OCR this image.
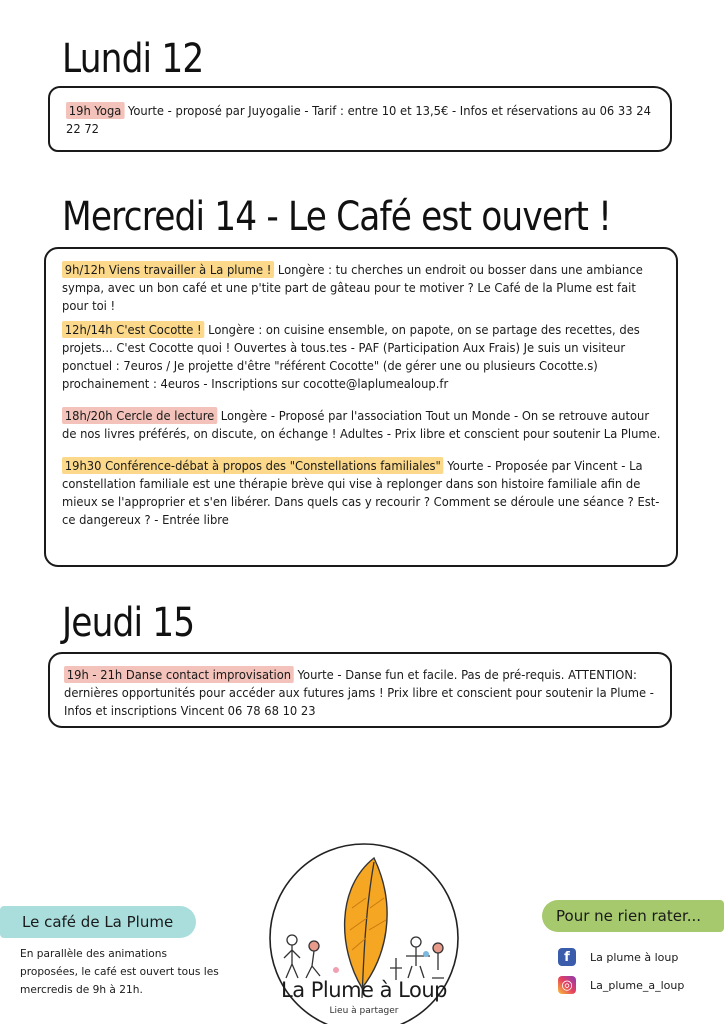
Lundi 12

19h Yoga Yourte - proposé par Juyogalie - Tarif : entre 10 et 13,5€ - Infos et réservations au 06 33 24 22 72

Mercredi 14 - Le Café est ouvert !

9h/12h Viens travailler à La plume ! Longère : tu cherches un endroit ou bosser dans une ambiance sympa, avec un bon café et une p'tite part de gâteau pour te motiver ? Le Café de la Plume est fait pour toi !

12h/14h C'est Cocotte ! Longère : on cuisine ensemble, on papote, on se partage des recettes, des projets... C'est Cocotte quoi ! Ouvertes à tous.tes - PAF (Participation Aux Frais) Je suis un visiteur ponctuel : 7euros / Je projette d'être "référent Cocotte" (de gérer une ou plusieurs Cocotte.s) prochainement : 4euros - Inscriptions sur cocotte@laplumealoup.fr

18h/20h Cercle de lecture Longère - Proposé par l'association Tout un Monde - On se retrouve autour de nos livres préférés, on discute, on échange ! Adultes - Prix libre et conscient pour soutenir La Plume.

19h30 Conférence-débat à propos des "Constellations familiales" Yourte - Proposée par Vincent - La constellation familiale est une thérapie brève qui vise à replonger dans son histoire familiale afin de mieux se l'approprier et s'en libérer. Dans quels cas y recourir ? Comment se déroule une séance ? Est-ce dangereux ? - Entrée libre

Jeudi 15

19h - 21h Danse contact improvisation Yourte - Danse fun et facile. Pas de pré-requis. ATTENTION: dernières opportunités pour accéder aux futures jams ! Prix libre et conscient pour soutenir la Plume - Infos et inscriptions Vincent 06 78 68 10 23

Le café de La Plume
En parallèle des animations proposées, le café est ouvert tous les mercredis de 9h à 21h.	La Plume à Loup
Lieu à partager
Pour ne rien rater...
f	La plume à loup
◎	La_plume_a_loup
